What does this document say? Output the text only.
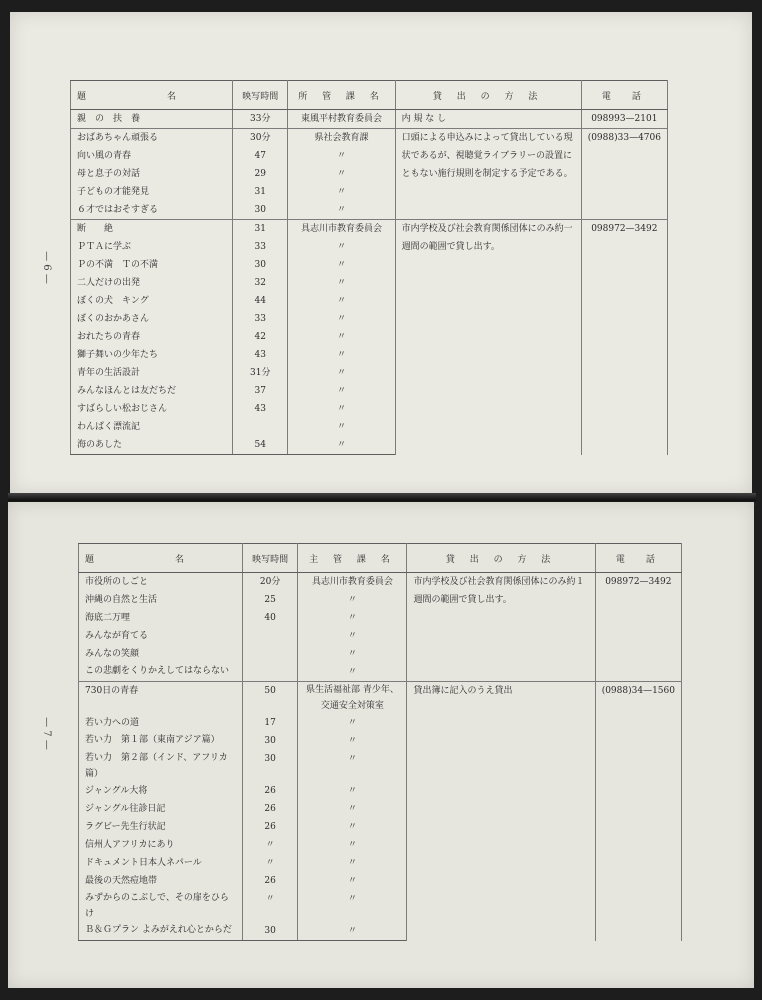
— 6 —
— 7 —
題　　　　　名	映写時間	所 管 課 名	貸 出 の 方 法	電　話
親　の　扶　養	33分	東風平村教育委員会	内 規 な し	098993—2101
おばあちゃん頑張る	30分	県社会教育課	口頭による申込みによって貸出している現状であるが、視聴覚ライブラリーの設置にともない施行規則を制定する予定である。	(0988)33—4706
向い風の青春	47	〃		
母と息子の対話	29	〃		
子どもの才能発見	31	〃		
６才ではおそすぎる	30	〃		
断　　絶	31	具志川市教育委員会	市内学校及び社会教育関係団体にのみ約一週間の範囲で貸し出す。	098972—3492
ＰＴＡに学ぶ	33	〃		
Ｐの不満　Ｔの不満	30	〃		
二人だけの出発	32	〃		
ぼくの犬　キング	44	〃		
ぼくのおかあさん	33	〃		
おれたちの青春	42	〃		
獅子舞いの少年たち	43	〃		
青年の生活設計	31分	〃		
みんなほんとは友だちだ	37	〃		
すばらしい松おじさん	43	〃		
わんぱく漂流記		〃		
海のあした	54	〃		
題　　　　　名	映写時間	主 管 課 名	貸 出 の 方 法	電　話
市役所のしごと	20分	具志川市教育委員会	市内学校及び社会教育関係団体にのみ約１週間の範囲で貸し出す。	098972—3492
沖縄の自然と生活	25	〃		
海底二万哩	40	〃		
みんなが育てる		〃		
みんなの笑顔		〃		
この悲劇をくりかえしてはならない		〃		
730日の青春	50	県生活福祉部 青少年、交通安全対策室	貸出簿に記入のうえ貸出	(0988)34—1560
若い力への道	17	〃		
若い力　第１部（東南アジア篇）	30	〃		
若い力　第２部（インド、アフリカ篇）	30	〃		
ジャングル大将	26	〃		
ジャングル往診日記	26	〃		
ラグビー先生行状記	26	〃		
信州人アフリカにあり	〃	〃		
ドキュメント日本人ネパール	〃	〃		
最後の天然痘地帯	26	〃		
みずからのこぶしで、その扉をひらけ	〃	〃		
Ｂ＆Ｇプラン よみがえれ心とからだ	30	〃		
